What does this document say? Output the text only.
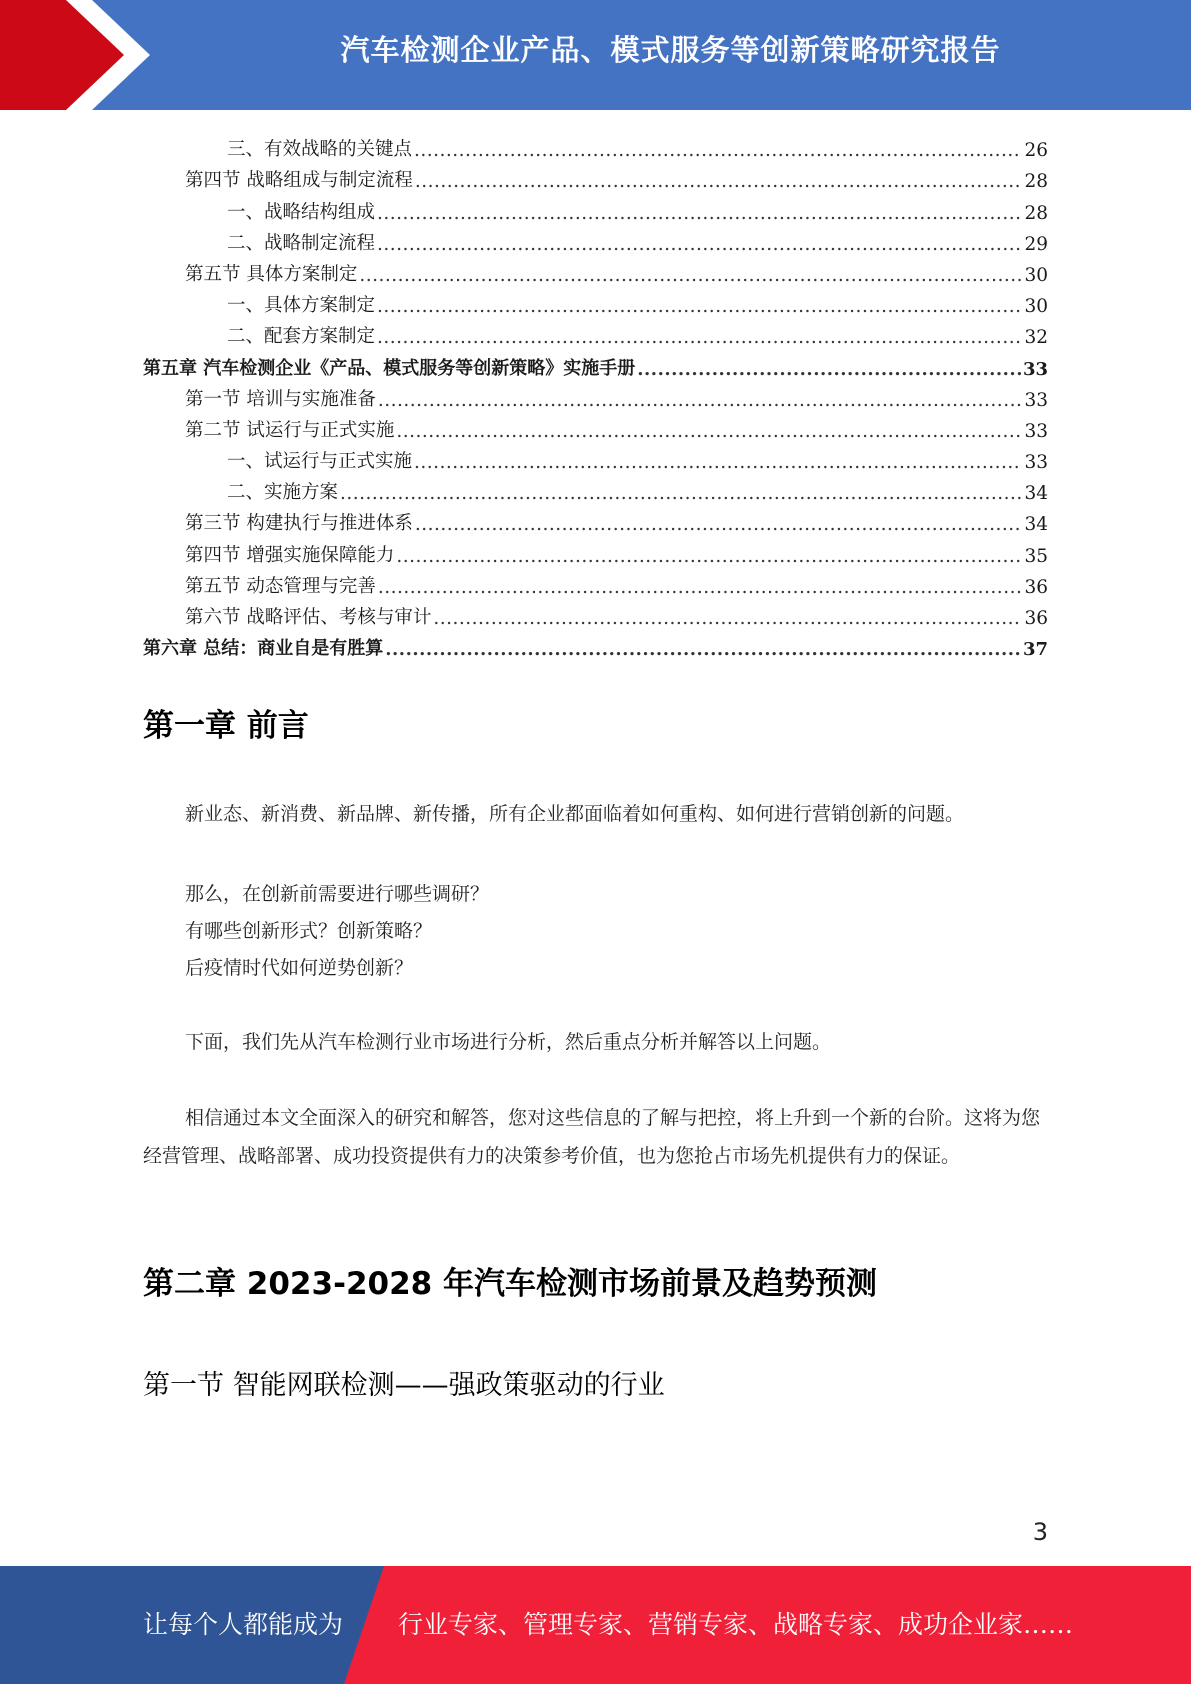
汽车检测企业产品、模式服务等创新策略研究报告
三、有效战略的关键点 .....	26
第四节 战略组成与制定流程 .....	28
一、战略结构组成 .....	28
二、战略制定流程 .....	29
第五节 具体方案制定 .....	30
一、具体方案制定 .....	30
二、配套方案制定 .....	32
第五章 汽车检测企业《产品、模式服务等创新策略》实施手册 .....	33
第一节 培训与实施准备 .....	33
第二节 试运行与正式实施 .....	33
一、试运行与正式实施 .....	33
二、实施方案 .....	34
第三节 构建执行与推进体系 .....	34
第四节 增强实施保障能力 .....	35
第五节 动态管理与完善 .....	36
第六节 战略评估、考核与审计 .....	36
第六章 总结：商业自是有胜算 .....	37
第一章 前言
新业态、新消费、新品牌、新传播，所有企业都面临着如何重构、如何进行营销创新的问题。
那么，在创新前需要进行哪些调研？
有哪些创新形式？创新策略？
后疫情时代如何逆势创新？
下面，我们先从汽车检测行业市场进行分析，然后重点分析并解答以上问题。
相信通过本文全面深入的研究和解答，您对这些信息的了解与把控，将上升到一个新的台阶。这将为您经营管理、战略部署、成功投资提供有力的决策参考价值，也为您抢占市场先机提供有力的保证。
第二章 2023-2028 年汽车检测市场前景及趋势预测
第一节 智能网联检测——强政策驱动的行业
3
让每个人都能成为 行业专家、管理专家、营销专家、战略专家、成功企业家……
